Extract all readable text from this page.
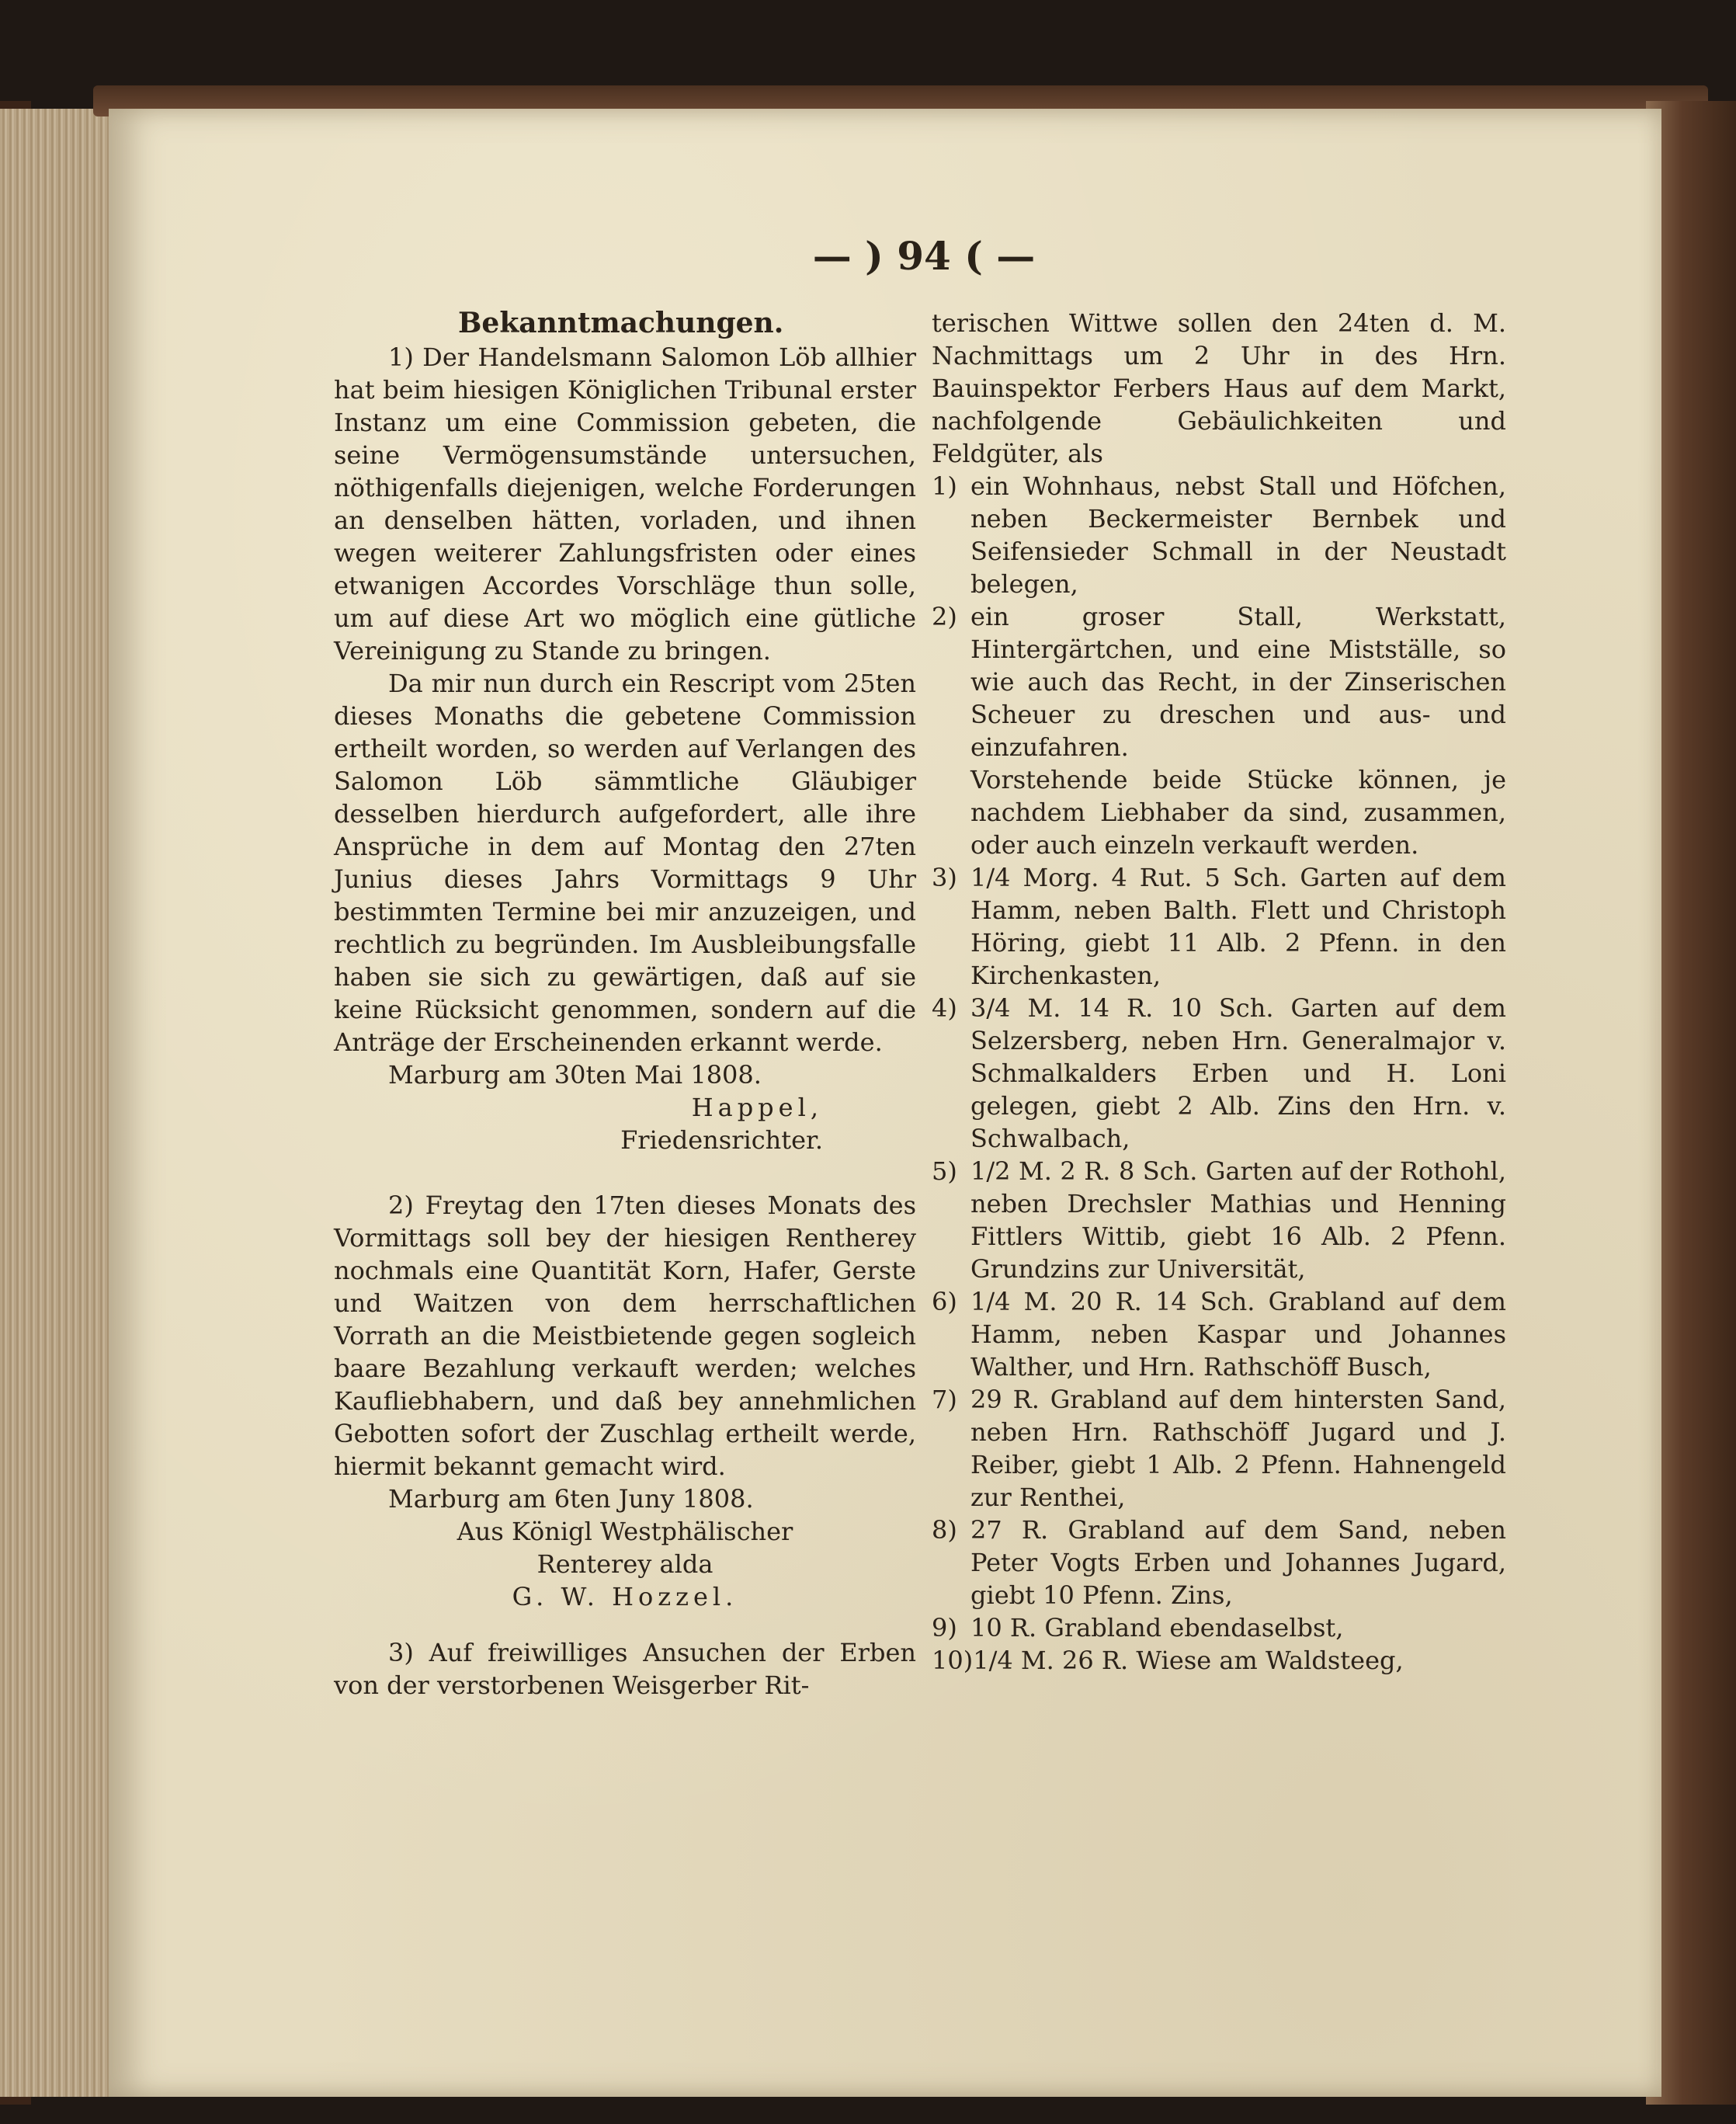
— ) 94 ( —

Bekanntmachungen.

1) Der Handelsmann Salomon Löb allhier hat beim hiesigen Königlichen Tribunal erster Instanz um eine Commission gebeten, die seine Vermögensumstände untersuchen, nöthigenfalls diejenigen, welche Forderungen an denselben hätten, vorladen, und ihnen wegen weiterer Zahlungsfristen oder eines etwanigen Accordes Vorschläge thun solle, um auf diese Art wo möglich eine gütliche Vereinigung zu Stande zu bringen.

Da mir nun durch ein Rescript vom 25ten dieses Monaths die gebetene Commission ertheilt worden, so werden auf Verlangen des Salomon Löb sämmtliche Gläubiger desselben hierdurch aufgefordert, alle ihre Ansprüche in dem auf Montag den 27ten Junius dieses Jahrs Vormittags 9 Uhr bestimmten Termine bei mir anzuzeigen, und rechtlich zu begründen. Im Ausbleibungsfalle haben sie sich zu gewärtigen, daß auf sie keine Rücksicht genommen, sondern auf die Anträge der Erscheinenden erkannt werde.

Marburg am 30ten Mai 1808.

Happel,

Friedensrichter.

2) Freytag den 17ten dieses Monats des Vormittags soll bey der hiesigen Rentherey nochmals eine Quantität Korn, Hafer, Gerste und Waitzen von dem herrschaftlichen Vorrath an die Meistbietende gegen sogleich baare Bezahlung verkauft werden; welches Kaufliebhabern, und daß bey annehmlichen Gebotten sofort der Zuschlag ertheilt werde, hiermit bekannt gemacht wird.

Marburg am 6ten Juny 1808.

Aus Königl Westphälischer

Renterey alda

G. W. Hozzel.

3) Auf freiwilliges Ansuchen der Erben von der verstorbenen Weisgerber Rit-

terischen Wittwe sollen den 24ten d. M. Nachmittags um 2 Uhr in des Hrn. Bauinspektor Ferbers Haus auf dem Markt, nachfolgende Gebäulichkeiten und Feldgüter, als

1) ein Wohnhaus, nebst Stall und Höfchen, neben Beckermeister Bernbek und Seifensieder Schmall in der Neustadt belegen,
2) ein groser Stall, Werkstatt, Hintergärtchen, und eine Mistställe, so wie auch das Recht, in der Zinserischen Scheuer zu dreschen und aus- und einzufahren.

Vorstehende beide Stücke können, je nachdem Liebhaber da sind, zusammen, oder auch einzeln verkauft werden.

3) 1/4 Morg. 4 Rut. 5 Sch. Garten auf dem Hamm, neben Balth. Flett und Christoph Höring, giebt 11 Alb. 2 Pfenn. in den Kirchenkasten,
4) 3/4 M. 14 R. 10 Sch. Garten auf dem Selzersberg, neben Hrn. Generalmajor v. Schmalkalders Erben und H. Loni gelegen, giebt 2 Alb. Zins den Hrn. v. Schwalbach,
5) 1/2 M. 2 R. 8 Sch. Garten auf der Rothohl, neben Drechsler Mathias und Henning Fittlers Wittib, giebt 16 Alb. 2 Pfenn. Grundzins zur Universität,
6) 1/4 M. 20 R. 14 Sch. Grabland auf dem Hamm, neben Kaspar und Johannes Walther, und Hrn. Rathschöff Busch,
7) 29 R. Grabland auf dem hintersten Sand, neben Hrn. Rathschöff Jugard und J. Reiber, giebt 1 Alb. 2 Pfenn. Hahnengeld zur Renthei,
8) 27 R. Grabland auf dem Sand, neben Peter Vogts Erben und Johannes Jugard, giebt 10 Pfenn. Zins,
9) 10 R. Grabland ebendaselbst,
10) 1/4 M. 26 R. Wiese am Waldsteeg,
